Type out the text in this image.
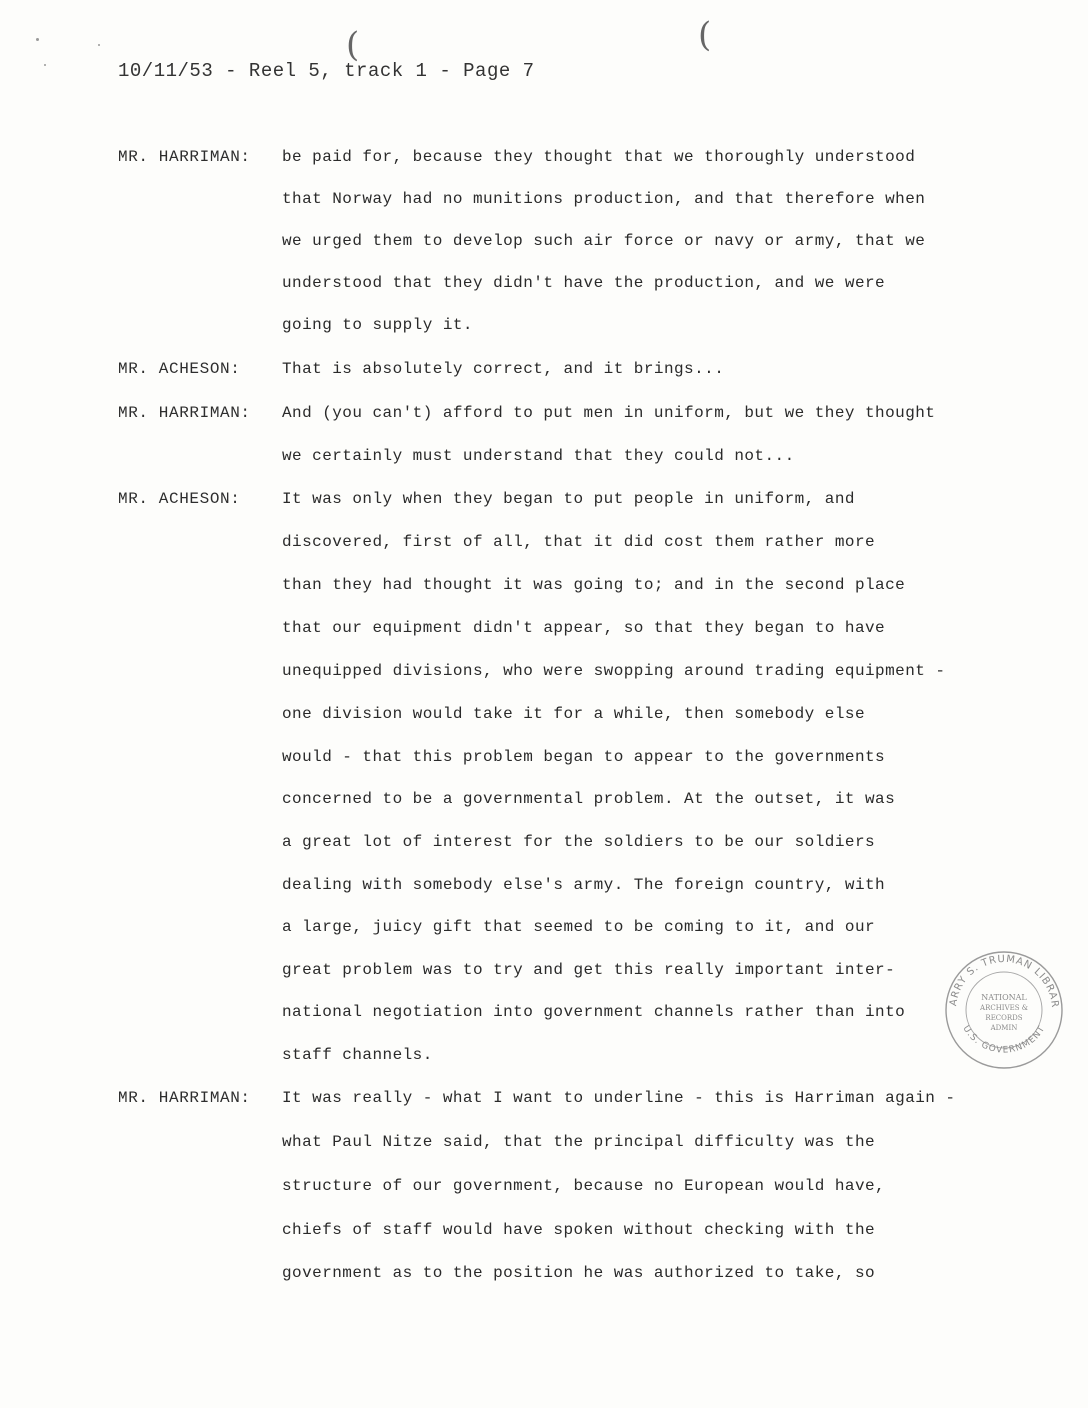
10/11/53 - Reel 5, track 1 - Page 7
(	(
MR. HARRIMAN: be paid for, because they thought that we thoroughly understood
that Norway had no munitions production, and that therefore when
we urged them to develop such air force or navy or army, that we
understood that they didn't have the production, and we were
going to supply it.
MR. ACHESON:	That is absolutely correct, and it brings...
MR. HARRIMAN: And (you can't) afford to put men in uniform, but we they thought
we certainly must understand that they could not...
MR. ACHESON:	It was only when they began to put people in uniform, and
discovered, first of all, that it did cost them rather more
than they had thought it was going to; and in the second place
that our equipment didn't appear, so that they began to have
unequipped divisions, who were swopping around trading equipment -
one division would take it for a while, then somebody else
would - that this problem began to appear to the governments
concerned to be a governmental problem. At the outset, it was
a great lot of interest for the soldiers to be our soldiers
dealing with somebody else's army. The foreign country, with
a large, juicy gift that seemed to be coming to it, and our
great problem was to try and get this really important inter-
national negotiation into government channels rather than into
staff channels.
MR. HARRIMAN: It was really - what I want to underline - this is Harriman again -
what Paul Nitze said, that the principal difficulty was the
structure of our government, because no European would have,
chiefs of staff would have spoken without checking with the
government as to the position he was authorized to take, so
ARRY S. TRUMAN LIBRAR
U.S. GOVERNMENT
NATIONAL
ARCHIVES &
RECORDS
ADMIN
